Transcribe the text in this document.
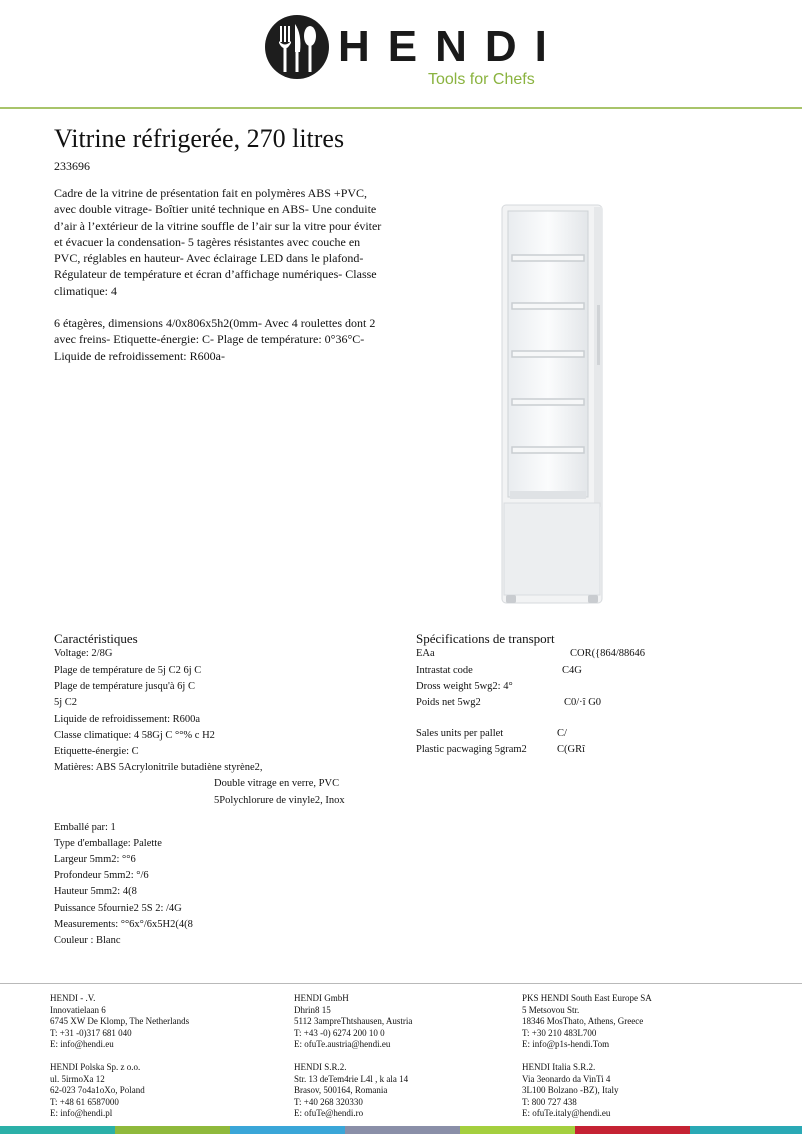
HENDI
Tools for Chefs
Vitrine réfrigerée, 270 litres
233696

Cadre de la vitrine de présentation fait en polymères ABS +PVC, avec double vitrage- Boîtier unité technique en ABS- Une conduite d’air à l’extérieur de la vitrine souffle de l’air sur la vitre pour éviter et évacuer la condensation- 5 tagères résistantes avec couche en PVC, réglables en hauteur- Avec éclairage LED dans le plafond- Régulateur de température et écran d’affichage numériques- Classe climatique: 4

6 étagères, dimensions 4/0x806x5h2(0mm- Avec 4 roulettes dont 2 avec freins- Etiquette-énergie: C- Plage de température: 0°36°C- Liquide de refroidissement: R600a-

Caractéristiques
Voltage: 2/8G
Plage de température de 5j C2 6j C
Plage de température jusqu'à 6j C
5j C2
Liquide de refroidissement: R600a
Classe climatique: 4 58Gj C °°% c H2
Etiquette-énergie: C
Matières: ABS 5Acrylonitrile butadiène styrène2,
Double vitrage en verre, PVC
5Polychlorure de vinyle2, Inox
Emballé par: 1
Type d'emballage: Palette
Largeur 5mm2: °°6
Profondeur 5mm2: °/6
Hauteur 5mm2: 4(8
Puissance 5fournie2 5S 2: /4G
Measurements: °°6x°/6x5H2(4(8
Couleur : Blanc
Spécifications de transport
EAa	COR({864/88646
Intrastat code	C4G
Dross weight 5wg2: 4°
Poids net 5wg2	C0/·î G0
Sales units per pallet	C/
Plastic pacwaging 5gram2	C(GRî
HENDI - .V.
Innovatielaan 6
6745 XW De Klomp, The Netherlands
T: +31 -0)317 681 040
E: info@hendi.eu
HENDI GmbH
Dhrin8 15
5112 3ampreThtshausen, Austria
T: +43 -0) 6274 200 10 0
E: ofuTe.austria@hendi.eu
PKS HENDI South East Europe SA
5 Metsovou Str.
18346 MosThato, Athens, Greece
T: +30 210 483L700
E: info@p1s-hendi.Tom
HENDI Polska Sp. z o.o.
ul. 5irmoXa 12
62-023 7o4a1oXo, Poland
T: +48 61 6587000
E: info@hendi.pl
HENDI S.R.2.
Str. 13 deTem4rie L4l , k ala 14
Brasov, 500164, Romania
T: +40 268 320330
E: ofuTe@hendi.ro
HENDI Italia S.R.2.
Via 3eonardo da VinTi 4
3L100 Bolzano -BZ), Italy
T: 800 727 438
E: ofuTe.italy@hendi.eu
